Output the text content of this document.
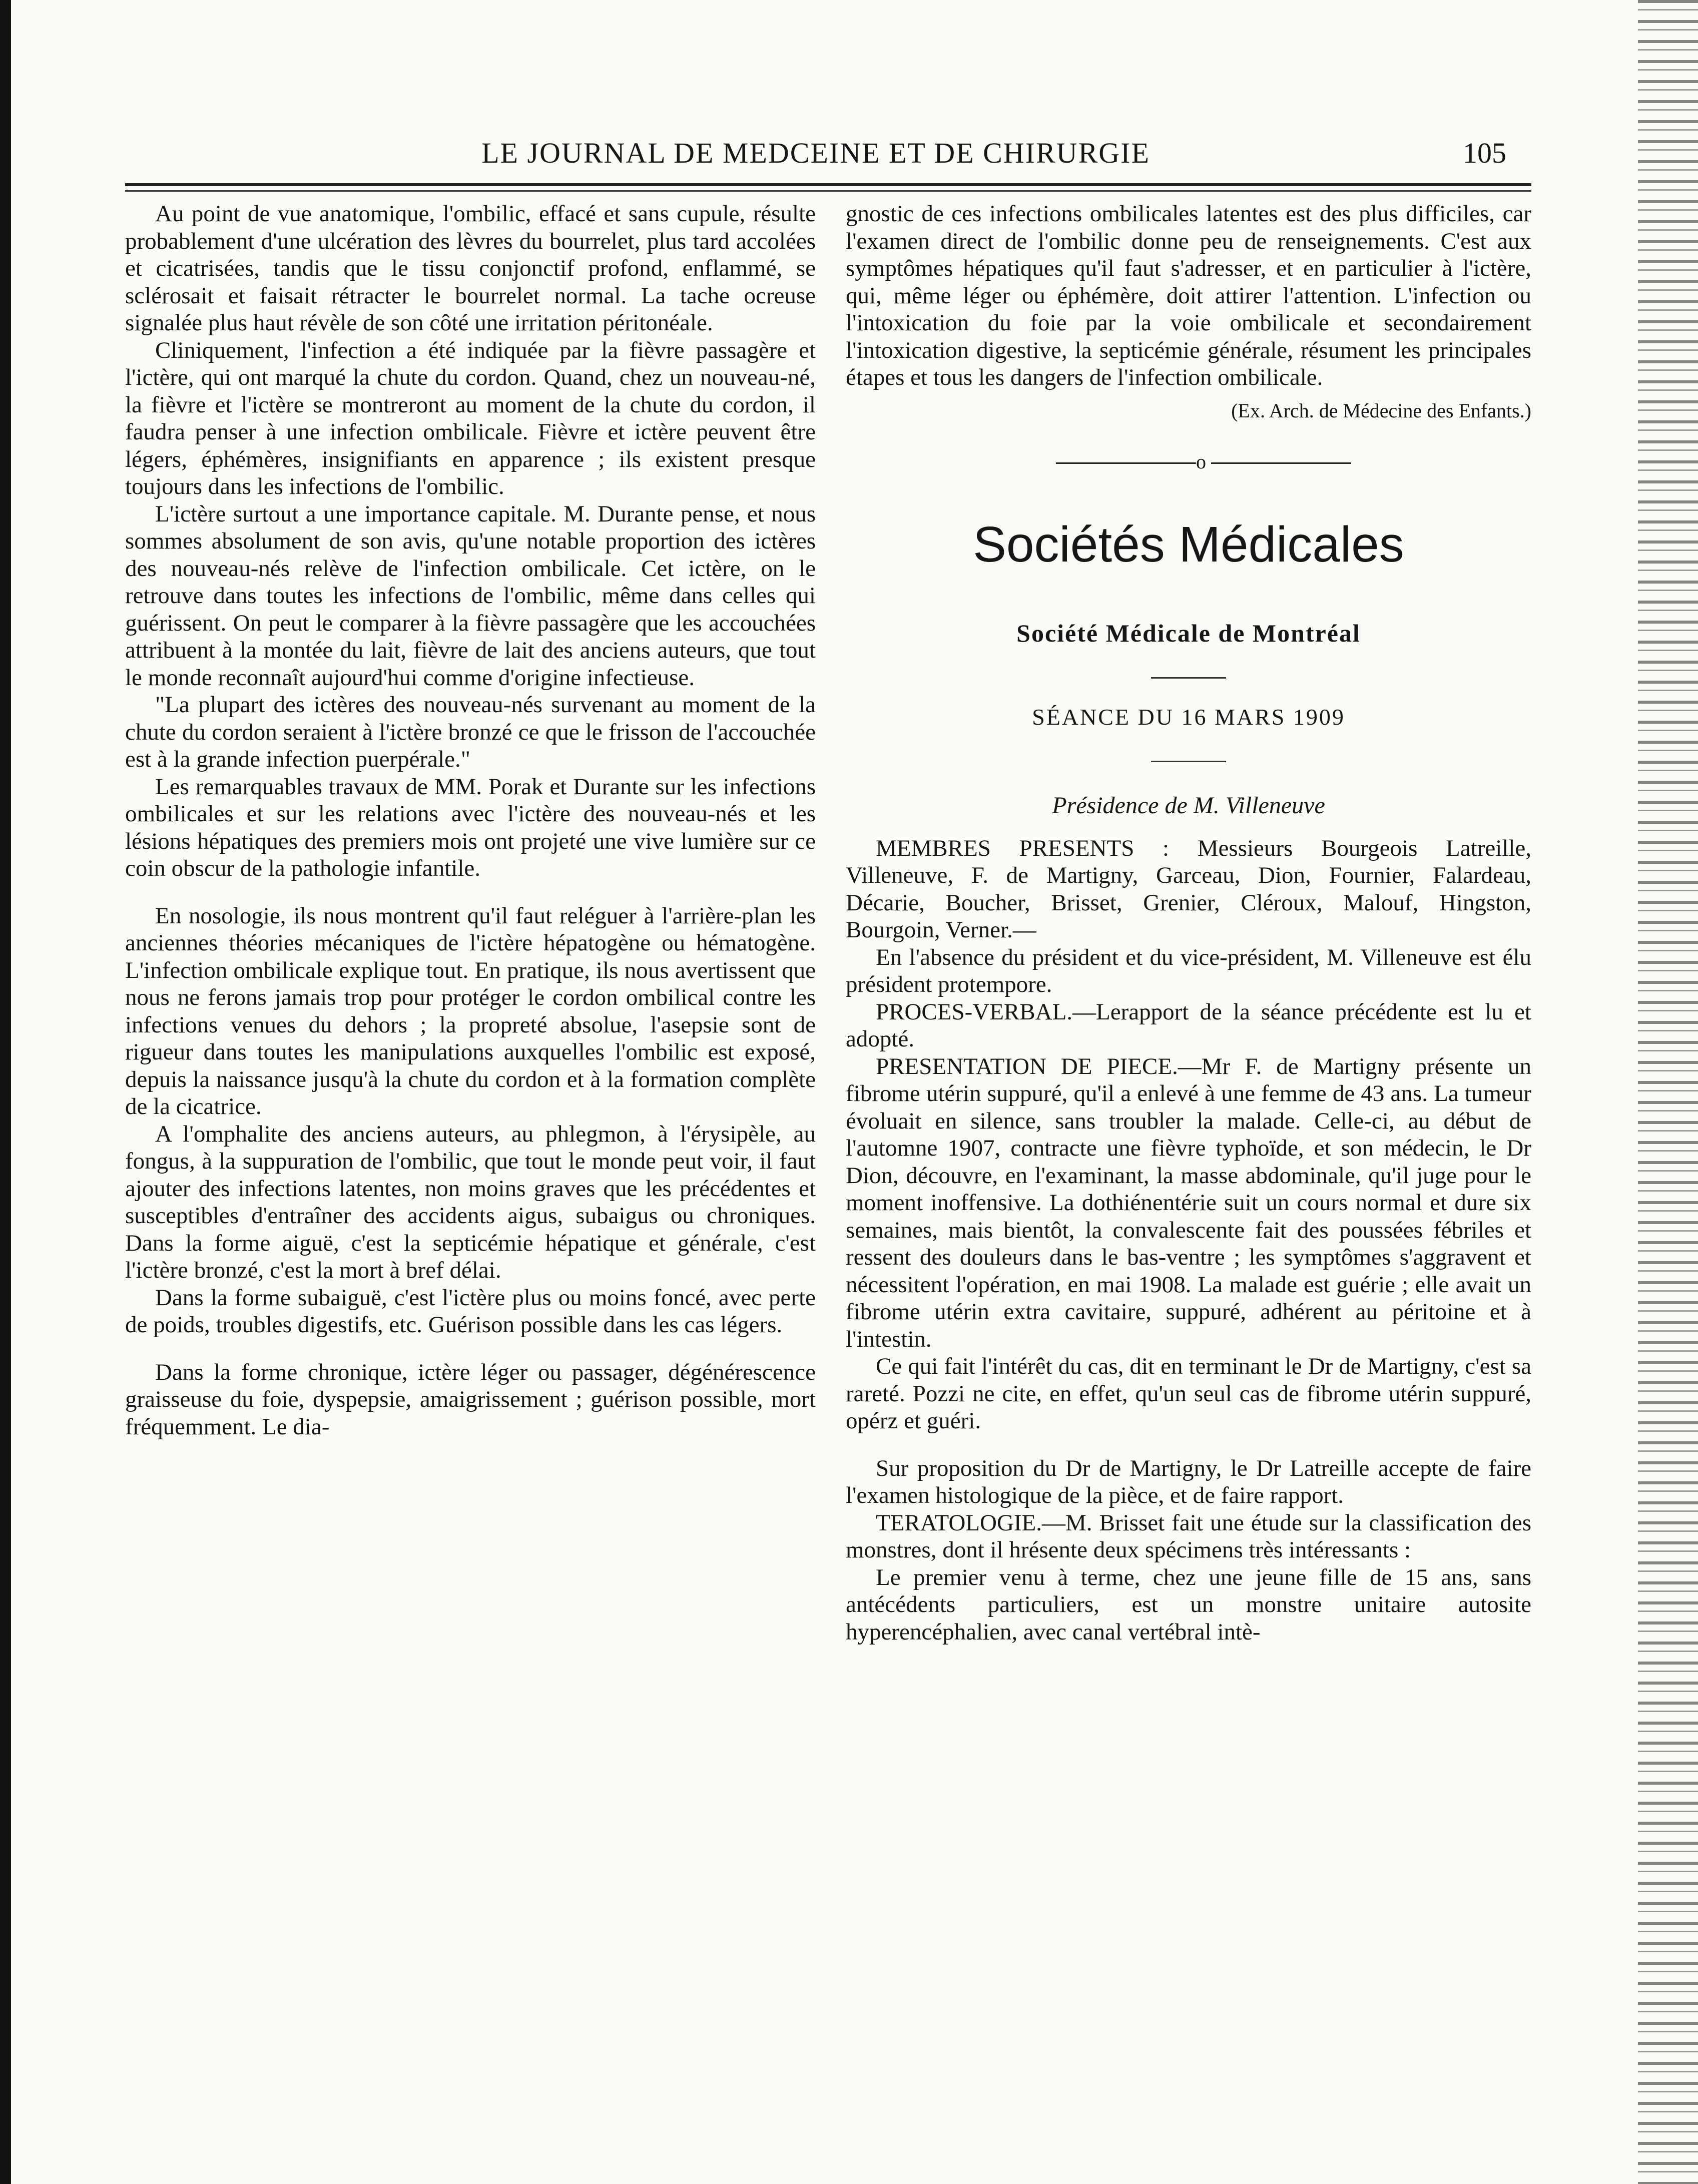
LE JOURNAL DE MEDCEINE ET DE CHIRURGIE	105

Au point de vue anatomique, l'ombilic, effacé et sans cupule, résulte probablement d'une ulcération des lèvres du bourrelet, plus tard accolées et cicatrisées, tandis que le tissu conjonctif profond, enflammé, se sclérosait et faisait rétracter le bourrelet normal. La tache ocreuse signalée plus haut révèle de son côté une irritation péritonéale.

Cliniquement, l'infection a été indiquée par la fièvre passagère et l'ictère, qui ont marqué la chute du cordon. Quand, chez un nouveau-né, la fièvre et l'ictère se montreront au moment de la chute du cordon, il faudra penser à une infection ombilicale. Fièvre et ictère peuvent être légers, éphémères, insignifiants en apparence ; ils existent presque toujours dans les infections de l'ombilic.

L'ictère surtout a une importance capitale. M. Durante pense, et nous sommes absolument de son avis, qu'une notable proportion des ictères des nouveau-nés relève de l'infection ombilicale. Cet ictère, on le retrouve dans toutes les infections de l'ombilic, même dans celles qui guérissent. On peut le comparer à la fièvre passagère que les accouchées attribuent à la montée du lait, fièvre de lait des anciens auteurs, que tout le monde reconnaît aujourd'hui comme d'origine infectieuse.

"La plupart des ictères des nouveau-nés survenant au moment de la chute du cordon seraient à l'ictère bronzé ce que le frisson de l'accouchée est à la grande infection puerpérale."

Les remarquables travaux de MM. Porak et Durante sur les infections ombilicales et sur les relations avec l'ictère des nouveau-nés et les lésions hépatiques des premiers mois ont projeté une vive lumière sur ce coin obscur de la pathologie infantile.

En nosologie, ils nous montrent qu'il faut reléguer à l'arrière-plan les anciennes théories mécaniques de l'ictère hépatogène ou hématogène. L'infection ombilicale explique tout. En pratique, ils nous avertissent que nous ne ferons jamais trop pour protéger le cordon ombilical contre les infections venues du dehors ; la propreté absolue, l'asepsie sont de rigueur dans toutes les manipulations auxquelles l'ombilic est exposé, depuis la naissance jusqu'à la chute du cordon et à la formation complète de la cicatrice.

A l'omphalite des anciens auteurs, au phlegmon, à l'érysipèle, au fongus, à la suppuration de l'ombilic, que tout le monde peut voir, il faut ajouter des infections latentes, non moins graves que les précédentes et susceptibles d'entraîner des accidents aigus, subaigus ou chroniques. Dans la forme aiguë, c'est la septicémie hépatique et générale, c'est l'ictère bronzé, c'est la mort à bref délai.

Dans la forme subaiguë, c'est l'ictère plus ou moins foncé, avec perte de poids, troubles digestifs, etc. Guérison possible dans les cas légers.

Dans la forme chronique, ictère léger ou passager, dégénérescence graisseuse du foie, dyspepsie, amaigrissement ; guérison possible, mort fréquemment. Le dia-

gnostic de ces infections ombilicales latentes est des plus difficiles, car l'examen direct de l'ombilic donne peu de renseignements. C'est aux symptômes hépatiques qu'il faut s'adresser, et en particulier à l'ictère, qui, même léger ou éphémère, doit attirer l'attention. L'infection ou l'intoxication du foie par la voie ombilicale et secondairement l'intoxication digestive, la septicémie générale, résument les principales étapes et tous les dangers de l'infection ombilicale.

(Ex. Arch. de Médecine des Enfants.)

o

Sociétés Médicales

Société Médicale de Montréal

SÉANCE DU 16 MARS 1909

Présidence de M. Villeneuve

MEMBRES PRESENTS : Messieurs Bourgeois Latreille, Villeneuve, F. de Martigny, Garceau, Dion, Fournier, Falardeau, Décarie, Boucher, Brisset, Grenier, Cléroux, Malouf, Hingston, Bourgoin, Verner.—

En l'absence du président et du vice-président, M. Villeneuve est élu président protempore.

PROCES-VERBAL.—Lerapport de la séance précédente est lu et adopté.

PRESENTATION DE PIECE.—Mr F. de Martigny présente un fibrome utérin suppuré, qu'il a enlevé à une femme de 43 ans. La tumeur évoluait en silence, sans troubler la malade. Celle-ci, au début de l'automne 1907, contracte une fièvre typhoïde, et son médecin, le Dr Dion, découvre, en l'examinant, la masse abdominale, qu'il juge pour le moment inoffensive. La dothiénentérie suit un cours normal et dure six semaines, mais bientôt, la convalescente fait des poussées fébriles et ressent des douleurs dans le bas-ventre ; les symptômes s'aggravent et nécessitent l'opération, en mai 1908. La malade est guérie ; elle avait un fibrome utérin extra cavitaire, suppuré, adhérent au péritoine et à l'intestin.

Ce qui fait l'intérêt du cas, dit en terminant le Dr de Martigny, c'est sa rareté. Pozzi ne cite, en effet, qu'un seul cas de fibrome utérin suppuré, opérz et guéri.

Sur proposition du Dr de Martigny, le Dr Latreille accepte de faire l'examen histologique de la pièce, et de faire rapport.

TERATOLOGIE.—M. Brisset fait une étude sur la classification des monstres, dont il hrésente deux spécimens très intéressants :

Le premier venu à terme, chez une jeune fille de 15 ans, sans antécédents particuliers, est un monstre unitaire autosite hyperencéphalien, avec canal vertébral intè-
